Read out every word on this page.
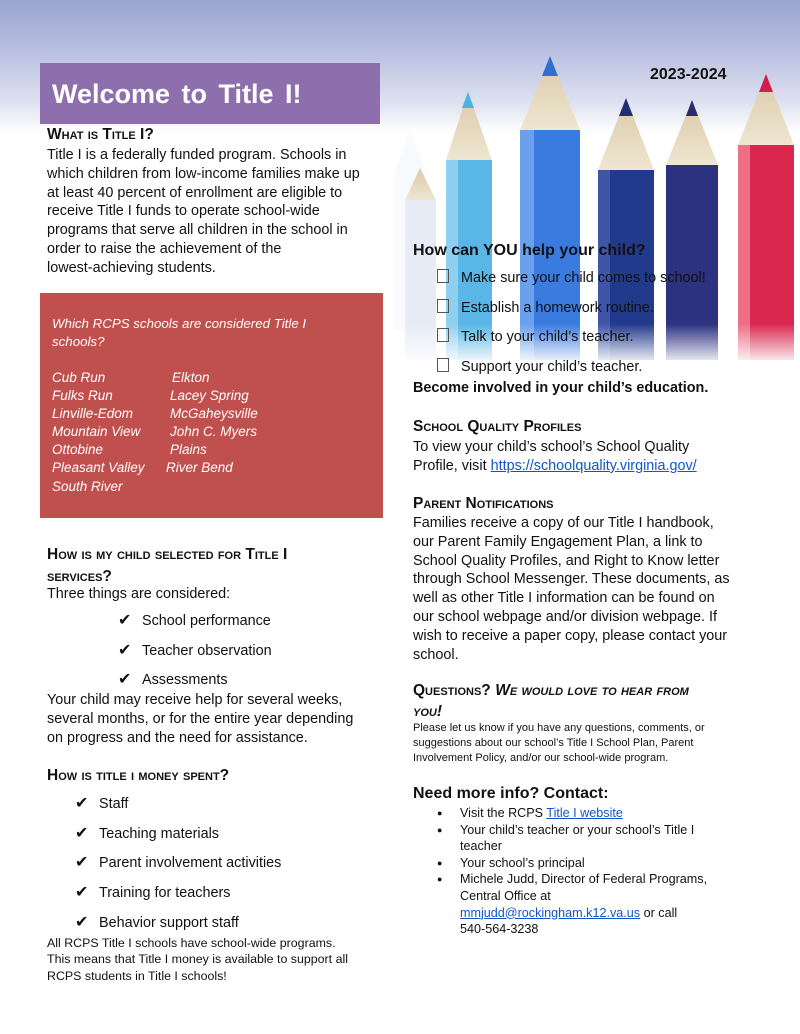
Welcome to Title I!
2023-2024
What is Title I?
Title I is a federally funded program. Schools in
which children from low-income families make up
at least 40 percent of enrollment are eligible to
receive Title I funds to operate school-wide
programs that serve all children in the school in
order to raise the achievement of the
lowest-achieving students.
Which RCPS schools are considered Title I
schools?
Cub Run
Fulks Run
Linville-Edom
Mountain View
Ottobine
Pleasant Valley
South River
Elkton
Lacey Spring
McGaheysville
John C. Myers
Plains
River Bend
How is my child selected for Title I
services?
Three things are considered:
✔ School performance
✔ Teacher observation
✔ Assessments
Your child may receive help for several weeks,
several months, or for the entire year depending
on progress and the need for assistance.
How is title i money spent?
✔ Staff
✔ Teaching materials
✔ Parent involvement activities
✔ Training for teachers
✔ Behavior support staff
All RCPS Title I schools have school-wide programs.
This means that Title I money is available to support all
RCPS students in Title I schools!
How can YOU help your child?
Make sure your child comes to school!
Establish a homework routine.
Talk to your child’s teacher.
Support your child’s teacher.
Become involved in your child’s education.
School Quality Profiles
To view your child’s school’s School Quality
Profile, visit https://schoolquality.virginia.gov/
Parent Notifications
Families receive a copy of our Title I handbook,
our Parent Family Engagement Plan, a link to
School Quality Profiles, and Right to Know letter
through School Messenger. These documents, as
well as other Title I information can be found on
our school webpage and/or division webpage. If
wish to receive a paper copy, please contact your
school.
Questions? We would love to hear from
you!
Please let us know if you have any questions, comments, or
suggestions about our school’s Title I School Plan, Parent
Involvement Policy, and/or our school-wide program.
Need more info? Contact:
● Visit the RCPS Title I website
● Your child’s teacher or your school’s Title I
teacher
● Your school’s principal
● Michele Judd, Director of Federal Programs,
Central Office at
mmjudd@rockingham.k12.va.us or call
540-564-3238
